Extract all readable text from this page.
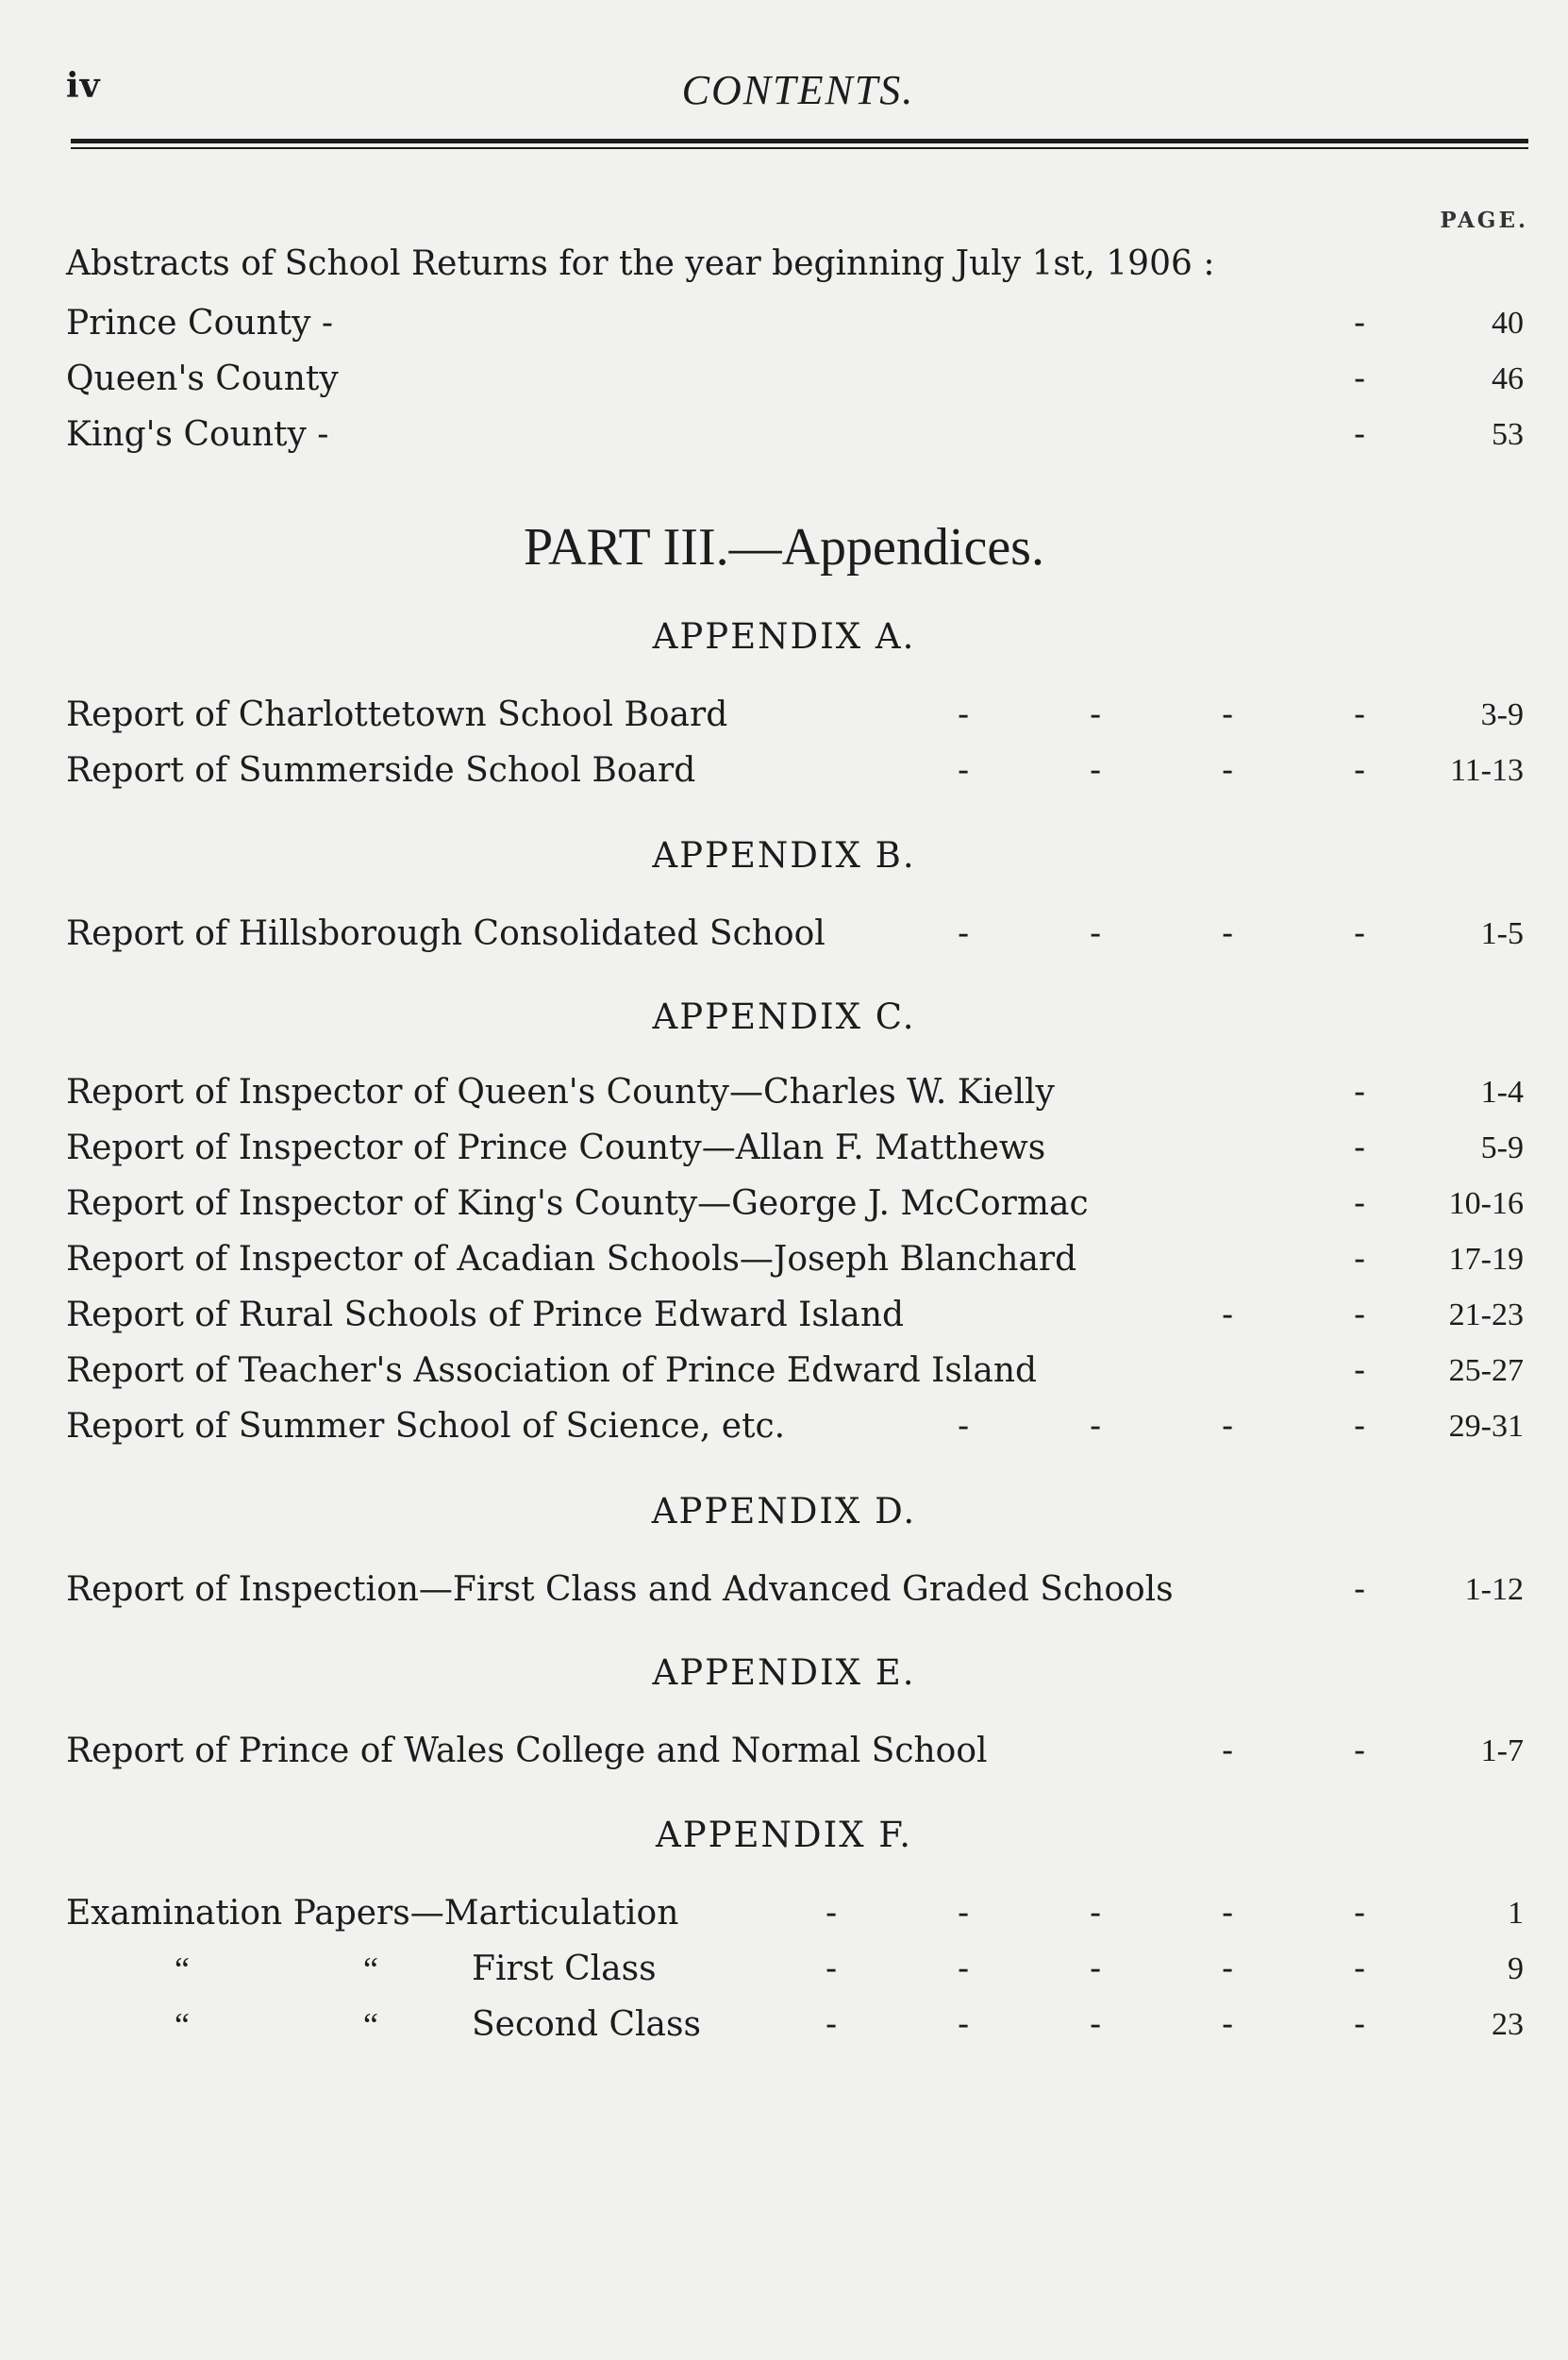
iv	CONTENTS.
PAGE.
Abstracts of School Returns for the year beginning July 1st, 1906 :
Prince County -	-	40
Queen's County	-	46
King's County -	-	53
PART III.—Appendices.
APPENDIX A.
Report of Charlottetown School Board	-	-	-	-	3-9
Report of Summerside School Board	-	-	-	-	11-13
APPENDIX B.
Report of Hillsborough Consolidated School	-	-	-	-	1-5
APPENDIX C.
Report of Inspector of Queen's County—Charles W. Kielly	-	1-4
Report of Inspector of Prince County—Allan F. Matthews	-	5-9
Report of Inspector of King's County—George J. McCormac	-	10-16
Report of Inspector of Acadian Schools—Joseph Blanchard	-	17-19
Report of Rural Schools of Prince Edward Island	-	-	21-23
Report of Teacher's Association of Prince Edward Island	-	25-27
Report of Summer School of Science, etc.	-	-	-	-	29-31
APPENDIX D.
Report of Inspection—First Class and Advanced Graded Schools	-	1-12
APPENDIX E.
Report of Prince of Wales College and Normal School	-	-	1-7
APPENDIX F.
Examination Papers—Marticulation	-	-	-	-	-	1
“	“	First Class	-	-	-	-	-	9
“	“	Second Class	-	-	-	-	-	23
